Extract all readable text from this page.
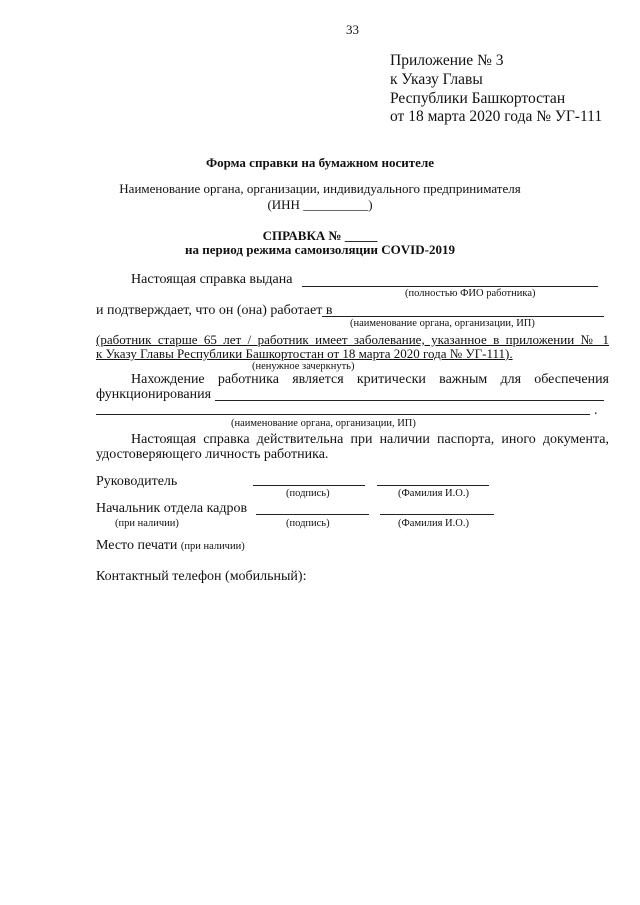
33
Приложение № 3
к Указу Главы
Республики Башкортостан
от 18 марта 2020 года № УГ-111
Форма справки на бумажном носителе
Наименование органа, организации, индивидуального предпринимателя
(ИНН __________)
СПРАВКА № _____
на период режима самоизоляции COVID-2019
Настоящая справка выдана
(полностью ФИО работника)
и подтверждает, что он (она) работает в
(наименование органа, организации, ИП)
(работник старше 65 лет / работник имеет заболевание, указанное в приложении № 1
к Указу Главы Республики Башкортостан от 18 марта 2020 года № УГ-111).
(ненужное зачеркнуть)
Нахождение работника является критически важным для обеспечения
функционирования
.
(наименование органа, организации, ИП)
Настоящая справка действительна при наличии паспорта, иного документа,
удостоверяющего личность работника.
Руководитель
(подпись)	(Фамилия И.О.)
Начальник отдела кадров
(при наличии)	(подпись)	(Фамилия И.О.)
Место печати (при наличии)
Контактный телефон (мобильный):
